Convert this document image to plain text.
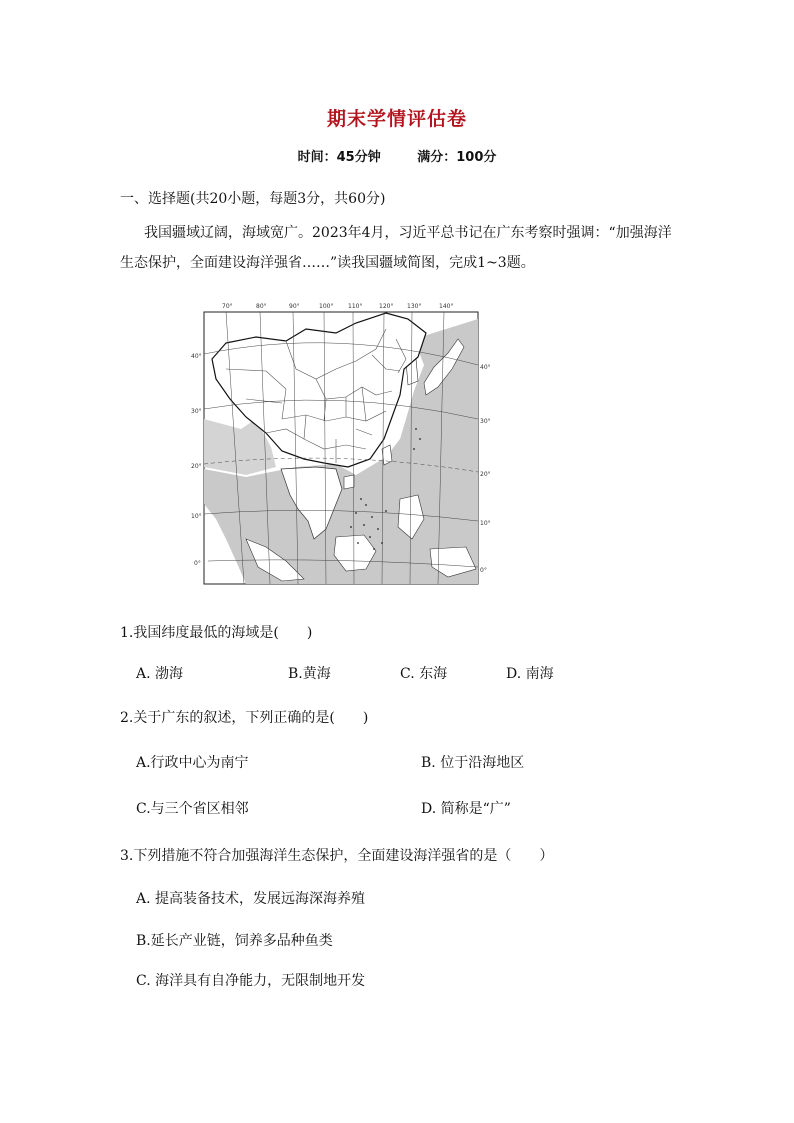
期末学情评估卷
时间：45分钟	满分：100分
一、选择题(共20小题，每题3分，共60分)
我国疆域辽阔，海域宽广。2023年4月，习近平总书记在广东考察时强调：“加强海洋生态保护，全面建设海洋强省……”读我国疆域简图，完成1~3题。
70°	80°	90°	100° 110°	120° 130°	140°
40°
30°
20°
10°
0°
40°
30°
20°
10°
0°
1.我国纬度最低的海域是(　　)
A. 渤海	B.黄海	C. 东海	D. 南海
2.关于广东的叙述，下列正确的是(　　)
A.行政中心为南宁	B. 位于沿海地区
C.与三个省区相邻	D. 简称是“广”
3.下列措施不符合加强海洋生态保护，全面建设海洋强省的是（　　）
A. 提高装备技术，发展远海深海养殖
B.延长产业链，饲养多品种鱼类
C. 海洋具有自净能力，无限制地开发
